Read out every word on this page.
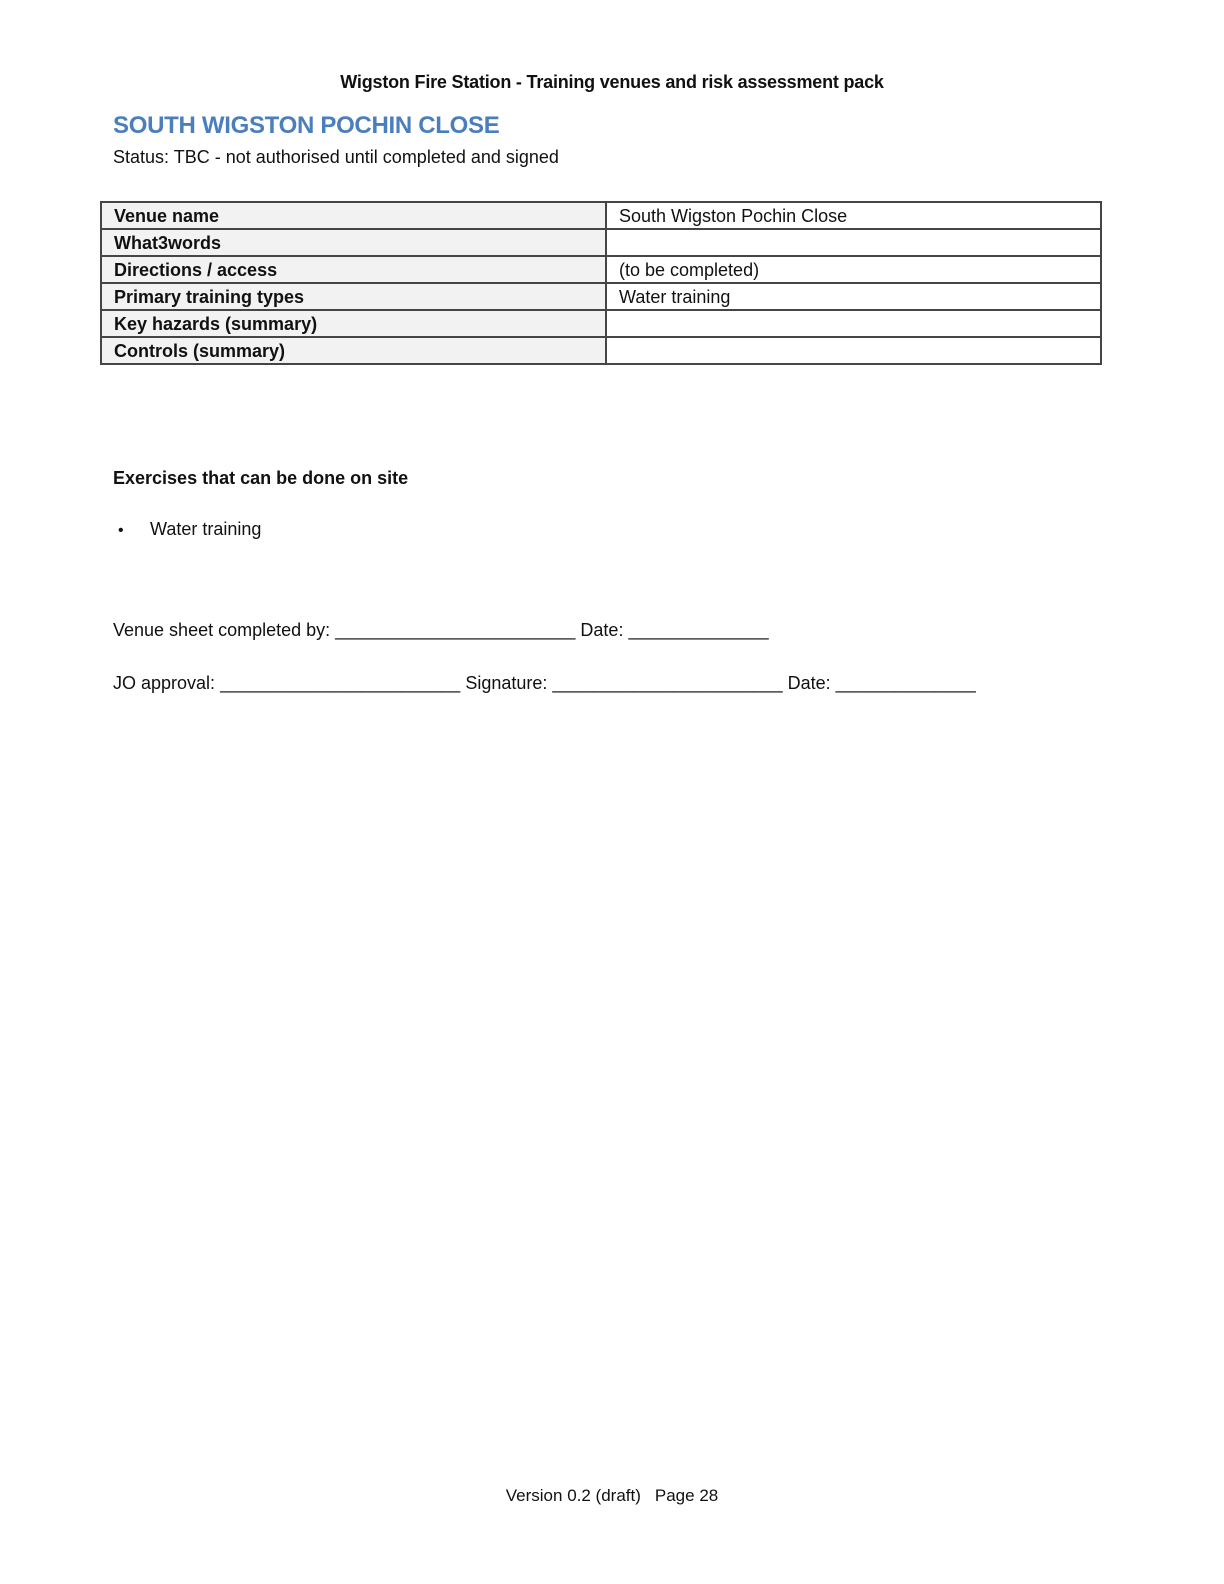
Wigston Fire Station - Training venues and risk assessment pack
SOUTH WIGSTON POCHIN CLOSE
Status: TBC - not authorised until completed and signed
Venue name	South Wigston Pochin Close
What3words	
Directions / access	(to be completed)
Primary training types	Water training
Key hazards (summary)	
Controls (summary)	
Exercises that can be done on site
• Water training
Venue sheet completed by: ________________________ Date: ______________
JO approval: ________________________ Signature: _______________________ Date: ______________
Version 0.2 (draft) Page 28
